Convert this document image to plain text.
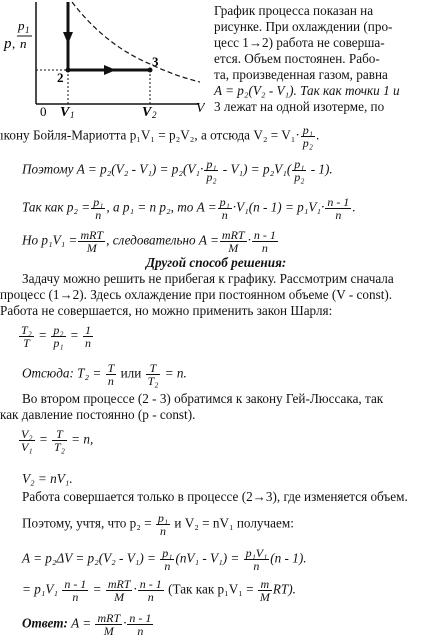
p ,
p 1
n
2
3
0 V 1	V 2	V
График процесса показан на
рисунке. При охлаждении (про-
цесс 1→2) работа не соверша-
ется. Объем постоянен. Рабо-
та, произведенная газом, равна
A = p₂(V₂ - V₁). Так как точки 1 и
3 лежат на одной изотерме, по
ıкону Бойля-Мариотта p₁V₁ = p₂V₂, а отсюда $V_2 = V_1\cdot \frac{\text{p₁}}{\text{p₂}}$ .
Поэтому $A = p_2(V_2 - V_1) = p_2(V_1\cdot \frac{\text{p₁}}{\text{p₂}} - V_1) = p_2V_1( \frac{\text{p₁}}{\text{p₂}} - 1)$.
Так как $p_2 = \frac{\text{p₁}}{n}$ , а p₁ = n p₂, то $A = \frac{\text{p₁}}{n} \cdot V_1(n - 1) = p_1V_1\cdot \frac{n - 1}{n}$ .
Но p₁V₁ = mRT
M
, следовательно A = mRT
M
· $\frac{n - 1}{n}$
Другой способ решения:
Задачу можно решить не прибегая к графику. Рассмотрим сначала
процесс (1→2). Здесь охлаждение при постоянном объеме (V - const).
Работа не совершается, но можно применить закон Шарля:
$\frac{\text{T₂}}{T} = \frac{\text{p₂}}{\text{p₁}} = \frac{1}{n}$
Отсюда: $T_2 = \frac{T}{n}$ или $\frac{T}{\text{T₂}} = n$.
Во втором процессе (2 - 3) обратимся к закону Гей-Люссака, так
как давление постоянно (p - const).
$\frac{\text{V₂}}{\text{V₁}} = \frac{T}{\text{T₂}} = n$,
V₂ = nV₁.
Работа совершается только в процессе (2→3), где изменяется объем.
Поэтому, учтя, что $p_2 = \frac{\text{p₁}}{n}$ и V₂ = nV₁ получаем:
$A = p_2\Delta V = p_2(V_2 - V_1) = \frac{\text{p₁}}{n} (nV_1 - V_1) = \frac{\text{p₁V₁}}{n} (n - 1)$.
= $p_1V_1 \frac{n - 1}{n}$ = mRT
M
· $\frac{n - 1}{n} (Так$ как $p_1V_1 = \frac{m}{M} RT$).
Ответ: A = mRT
M
· $\frac{n - 1}{n}$
